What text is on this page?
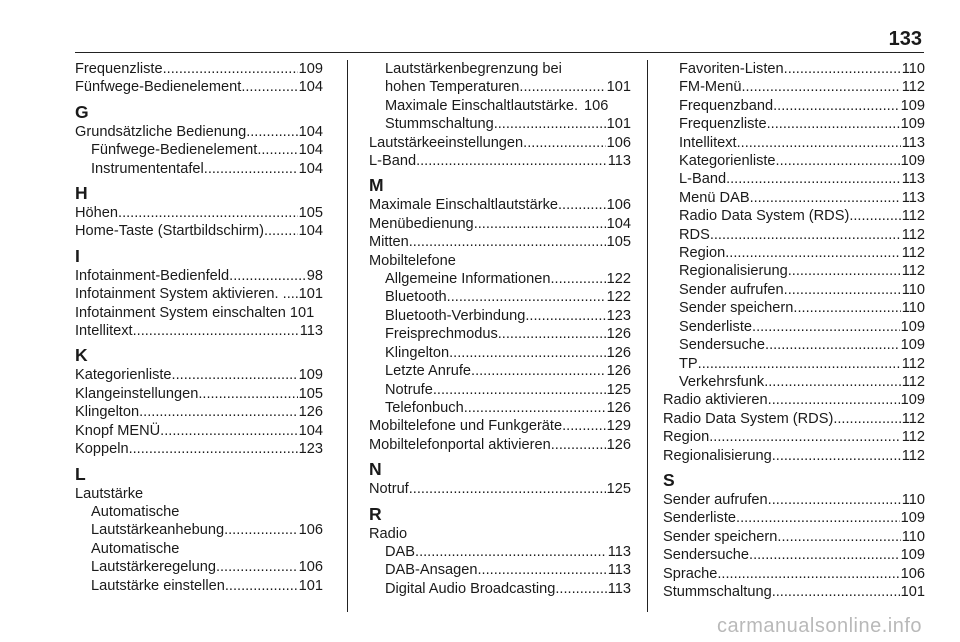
133
Frequenzliste .....	109
Fünfwege-Bedienelement .....	104
G
Grundsätzliche Bedienung .....	104
Fünfwege-Bedienelement .....	104
Instrumententafel .....	104
H
Höhen .....	105
Home-Taste (Startbildschirm) ..... 104
I
Infotainment-Bedienfeld .....	98
Infotainment System aktivieren. . ..... 101
Infotainment System einschalten 101
Intellitext .....	113
K
Kategorienliste .....	109
Klangeinstellungen .....	105
Klingelton .....	126
Knopf MENÜ .....	104
Koppeln .....	123
L
Lautstärke
Automatische
Lautstärkeanhebung .....	106
Automatische
Lautstärkeregelung .....	106
Lautstärke einstellen .....	101
Lautstärkenbegrenzung bei
hohen Temperaturen .....	101
Maximale Einschaltlautstärke. 106
Stummschaltung .....	101
Lautstärkeeinstellungen .....	106
L-Band .....	113
M
Maximale Einschaltlautstärke .....	106
Menübedienung .....	104
Mitten .....	105
Mobiltelefone
Allgemeine Informationen .....	122
Bluetooth .....	122
Bluetooth-Verbindung .....	123
Freisprechmodus .....	126
Klingelton .....	126
Letzte Anrufe .....	126
Notrufe .....	125
Telefonbuch .....	126
Mobiltelefone und Funkgeräte .....	129
Mobiltelefonportal aktivieren .....	126
N
Notruf .....	125
R
Radio
DAB .....	113
DAB-Ansagen .....	113
Digital Audio Broadcasting .....	113
Favoriten-Listen .....	110
FM-Menü .....	112
Frequenzband .....	109
Frequenzliste .....	109
Intellitext .....	113
Kategorienliste .....	109
L-Band .....	113
Menü DAB .....	113
Radio Data System (RDS) .....	112
RDS .....	112
Region .....	112
Regionalisierung .....	112
Sender aufrufen .....	110
Sender speichern .....	110
Senderliste .....	109
Sendersuche .....	109
TP .....	112
Verkehrsfunk .....	112
Radio aktivieren .....	109
Radio Data System (RDS) .....	112
Region .....	112
Regionalisierung .....	112
S
Sender aufrufen .....	110
Senderliste .....	109
Sender speichern .....	110
Sendersuche .....	109
Sprache .....	106
Stummschaltung .....	101
carmanualsonline.info
